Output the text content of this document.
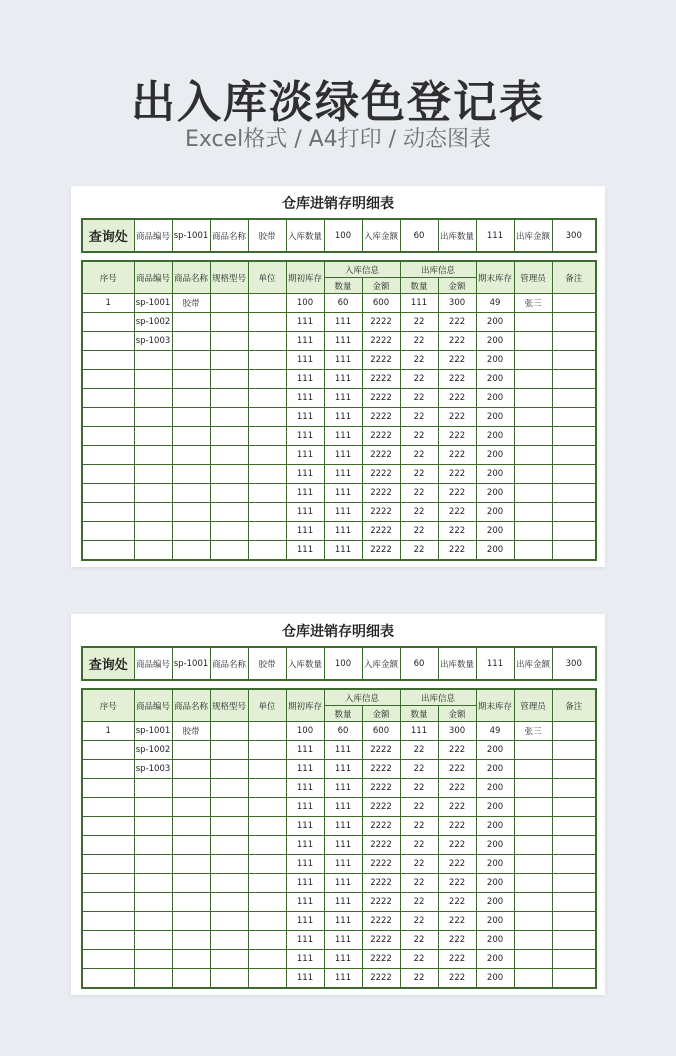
出入库淡绿色登记表
Excel格式 / A4打印 / 动态图表
仓库进销存明细表
查询处	商品编号	sp-1001	商品名称	胶带	入库数量	100	入库金额	60	出库数量	111	出库金额	300
序号	商品编号	商品名称	规格型号	单位	期初库存	入库信息		出库信息		期末库存	管理员	备注
						数量	金额	数量	金额			
1	sp-1001	胶带			100	60	600	111	300	49	张三	
	sp-1002				111	111	2222	22	222	200		
	sp-1003				111	111	2222	22	222	200		
					111	111	2222	22	222	200		
					111	111	2222	22	222	200		
					111	111	2222	22	222	200		
					111	111	2222	22	222	200		
					111	111	2222	22	222	200		
					111	111	2222	22	222	200		
					111	111	2222	22	222	200		
					111	111	2222	22	222	200		
					111	111	2222	22	222	200		
					111	111	2222	22	222	200		
					111	111	2222	22	222	200		
仓库进销存明细表
查询处	商品编号	sp-1001	商品名称	胶带	入库数量	100	入库金额	60	出库数量	111	出库金额	300
序号	商品编号	商品名称	规格型号	单位	期初库存	入库信息		出库信息		期末库存	管理员	备注
						数量	金额	数量	金额			
1	sp-1001	胶带			100	60	600	111	300	49	张三	
	sp-1002				111	111	2222	22	222	200		
	sp-1003				111	111	2222	22	222	200		
					111	111	2222	22	222	200		
					111	111	2222	22	222	200		
					111	111	2222	22	222	200		
					111	111	2222	22	222	200		
					111	111	2222	22	222	200		
					111	111	2222	22	222	200		
					111	111	2222	22	222	200		
					111	111	2222	22	222	200		
					111	111	2222	22	222	200		
					111	111	2222	22	222	200		
					111	111	2222	22	222	200		
